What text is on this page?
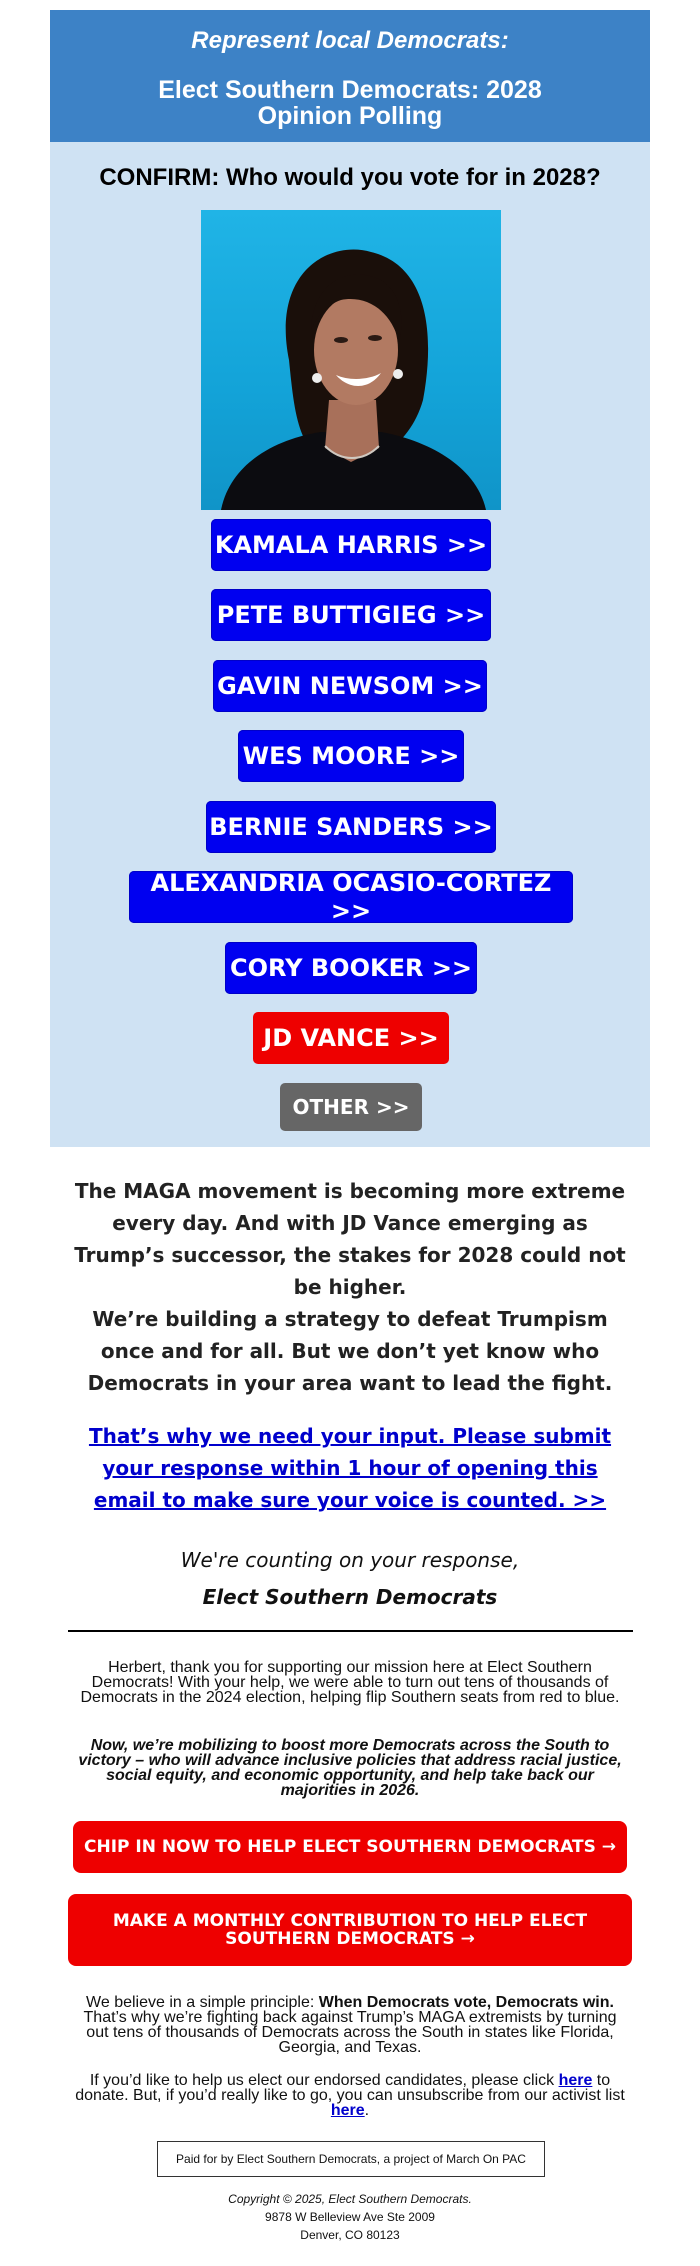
Represent local Democrats:
Elect Southern Democrats: 2028
Opinion Polling
CONFIRM: Who would you vote for in 2028?
KAMALA HARRIS >>
PETE BUTTIGIEG >>
GAVIN NEWSOM >>
WES MOORE >>
BERNIE SANDERS >>
ALEXANDRIA OCASIO-CORTEZ >>
CORY BOOKER >>
JD VANCE >>
OTHER >>
The MAGA movement is becoming more extreme every day. And with JD Vance emerging as Trump’s successor, the stakes for 2028 could not be higher.
We’re building a strategy to defeat Trumpism once and for all. But we don’t yet know who Democrats in your area want to lead the fight.
That’s why we need your input. Please submit your response within 1 hour of opening this email to make sure your voice is counted. >>
We're counting on your response,
Elect Southern Democrats
Herbert, thank you for supporting our mission here at Elect Southern Democrats! With your help, we were able to turn out tens of thousands of Democrats in the 2024 election, helping flip Southern seats from red to blue.
Now, we’re mobilizing to boost more Democrats across the South to victory – who will advance inclusive policies that address racial justice, social equity, and economic opportunity, and help take back our majorities in 2026.
CHIP IN NOW TO HELP ELECT SOUTHERN DEMOCRATS →
MAKE A MONTHLY CONTRIBUTION TO HELP ELECT SOUTHERN DEMOCRATS →
We believe in a simple principle: When Democrats vote, Democrats win. That’s why we’re fighting back against Trump’s MAGA extremists by turning out tens of thousands of Democrats across the South in states like Florida, Georgia, and Texas.
If you’d like to help us elect our endorsed candidates, please click here to donate. But, if you’d really like to go, you can unsubscribe from our activist list here.
Paid for by Elect Southern Democrats, a project of March On PAC
Copyright © 2025, Elect Southern Democrats.
9878 W Belleview Ave Ste 2009
Denver, CO 80123
